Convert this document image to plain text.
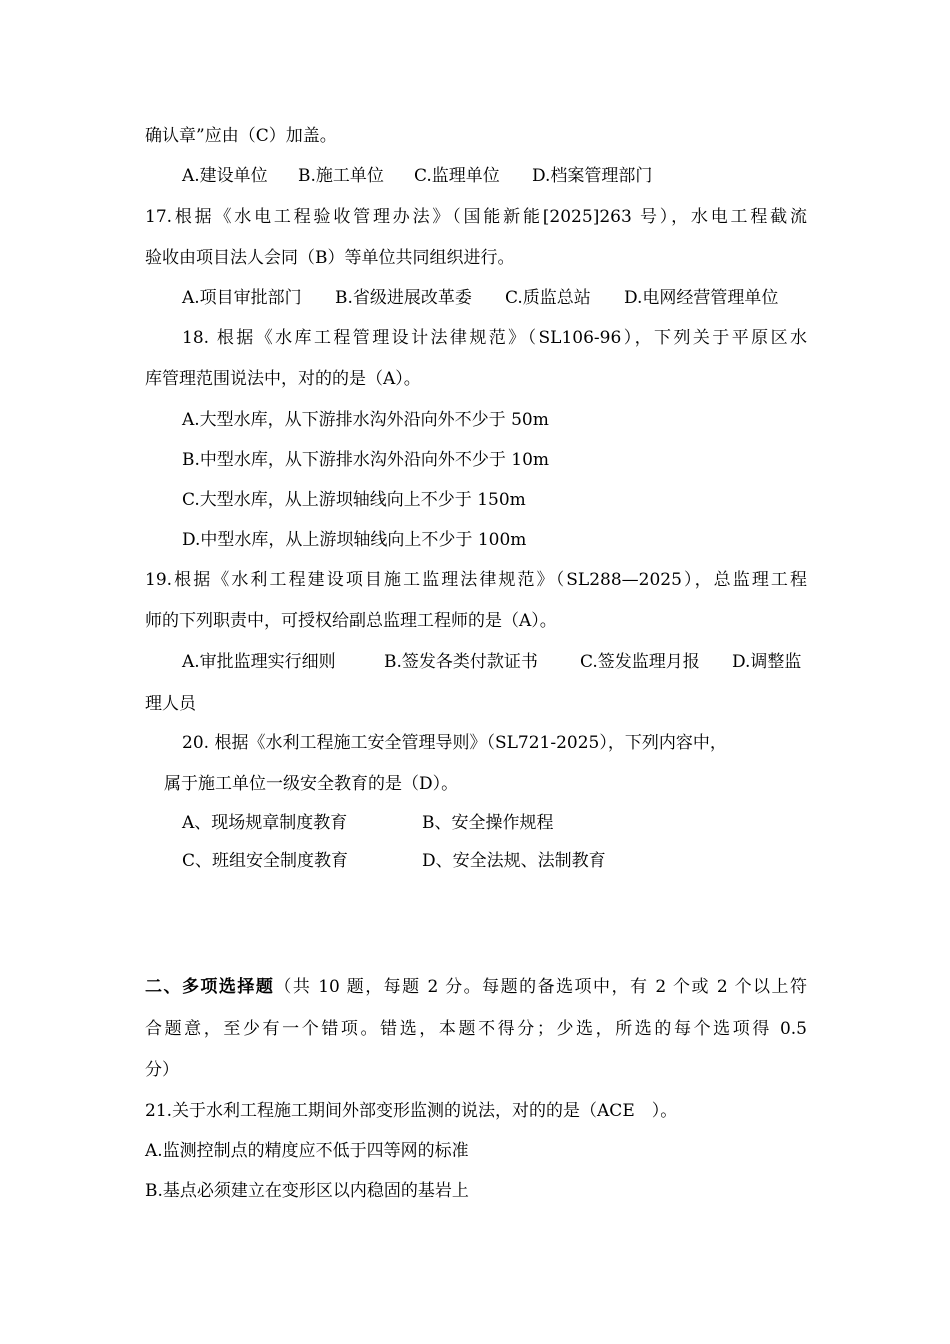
确认章”应由（C）加盖。
A.建设单位 B.施工单位 C.监理单位 D.档案管理部门
17.根据《水电工程验收管理办法》（国能新能[2025]263 号），水电工程截流
验收由项目法人会同（B）等单位共同组织进行。
A.项目审批部门 B.省级进展改革委 C.质监总站 D.电网经营管理单位
18. 根据《水库工程管理设计法律规范》（SL106-96），下列关于平原区水
库管理范围说法中，对的的是（A）。
A.大型水库，从下游排水沟外沿向外不少于 50m
B.中型水库，从下游排水沟外沿向外不少于 10m
C.大型水库，从上游坝轴线向上不少于 150m
D.中型水库，从上游坝轴线向上不少于 100m
19.根据《水利工程建设项目施工监理法律规范》（SL288—2025），总监理工程
师的下列职责中，可授权给副总监理工程师的是（A）。
A.审批监理实行细则	B.签发各类付款证书 C.签发监理月报 D.调整监
理人员
20. 根据《水利工程施工安全管理导则》（SL721-2025），下列内容中，
属于施工单位一级安全教育的是（D）。
A、现场规章制度教育	B、安全操作规程
C、班组安全制度教育	D、安全法规、法制教育
二、多项选择题（共 10 题，每题 2 分。每题的备选项中，有 2 个或 2 个以上符
合题意，至少有一个错项。错选，本题不得分；少选，所选的每个选项得 0.5
分）
21.关于水利工程施工期间外部变形监测的说法，对的的是（ACE　）。
A.监测控制点的精度应不低于四等网的标准
B.基点必须建立在变形区以内稳固的基岩上
